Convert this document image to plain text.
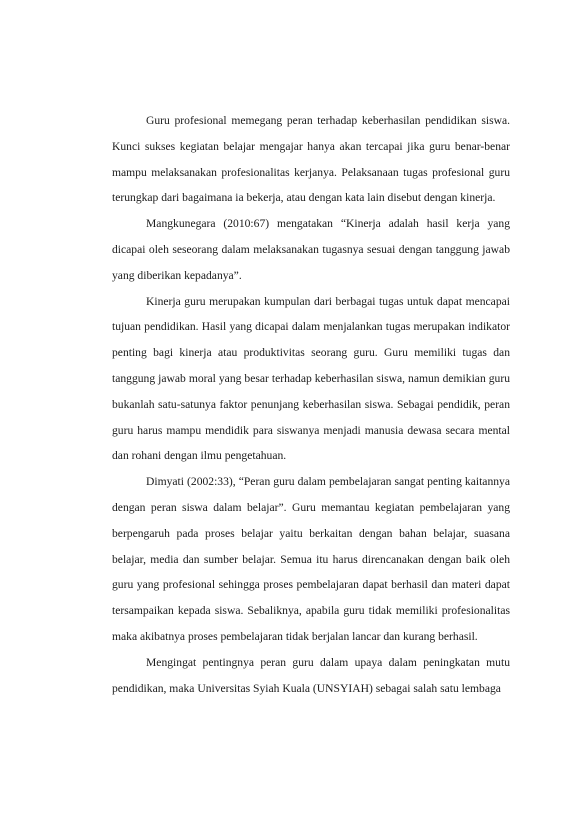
Guru profesional memegang peran terhadap keberhasilan pendidikan siswa. Kunci sukses kegiatan belajar mengajar hanya akan tercapai jika guru benar-benar mampu melaksanakan profesionalitas kerjanya. Pelaksanaan tugas profesional guru terungkap dari bagaimana ia bekerja, atau dengan kata lain disebut dengan kinerja.

Mangkunegara (2010:67) mengatakan “Kinerja adalah hasil kerja yang dicapai oleh seseorang dalam melaksanakan tugasnya sesuai dengan tanggung jawab yang diberikan kepadanya”.

Kinerja guru merupakan kumpulan dari berbagai tugas untuk dapat mencapai tujuan pendidikan. Hasil yang dicapai dalam menjalankan tugas merupakan indikator penting bagi kinerja atau produktivitas seorang guru. Guru memiliki tugas dan tanggung jawab moral yang besar terhadap keberhasilan siswa, namun demikian guru bukanlah satu-satunya faktor penunjang keberhasilan siswa. Sebagai pendidik, peran guru harus mampu mendidik para siswanya menjadi manusia dewasa secara mental dan rohani dengan ilmu pengetahuan.

Dimyati (2002:33), “Peran guru dalam pembelajaran sangat penting kaitannya dengan peran siswa dalam belajar”. Guru memantau kegiatan pembelajaran yang berpengaruh pada proses belajar yaitu berkaitan dengan bahan belajar, suasana belajar, media dan sumber belajar. Semua itu harus direncanakan dengan baik oleh guru yang profesional sehingga proses pembelajaran dapat berhasil dan materi dapat tersampaikan kepada siswa. Sebaliknya, apabila guru tidak memiliki profesionalitas maka akibatnya proses pembelajaran tidak berjalan lancar dan kurang berhasil.

Mengingat pentingnya peran guru dalam upaya dalam peningkatan mutu pendidikan, maka Universitas Syiah Kuala (UNSYIAH) sebagai salah satu lembaga
